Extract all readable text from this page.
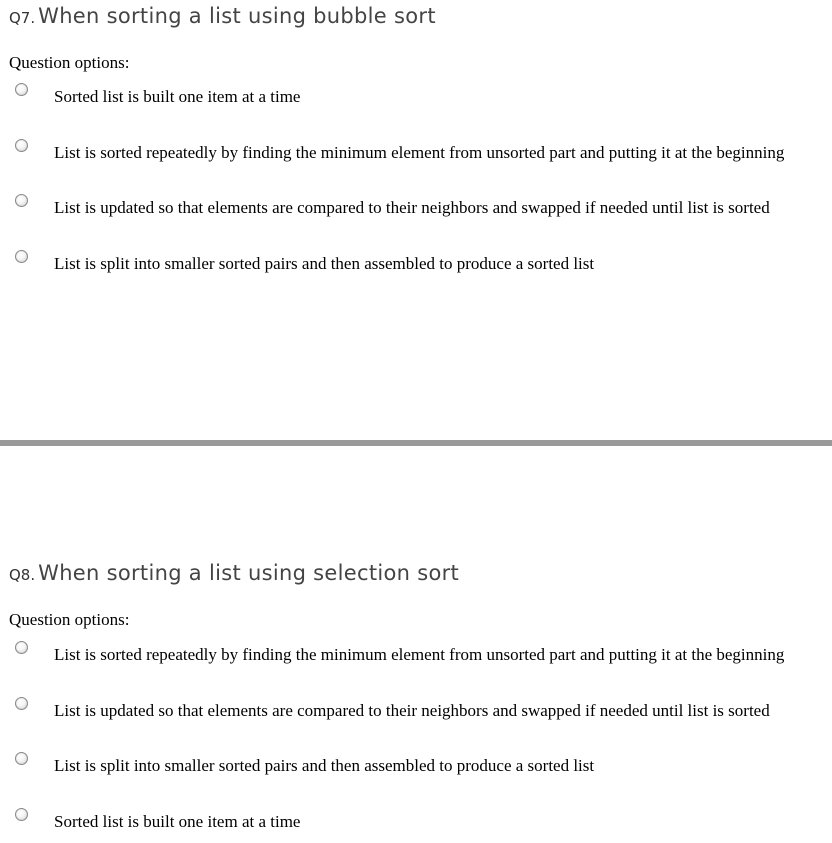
Q7. When sorting a list using bubble sort
Question options:
Sorted list is built one item at a time
List is sorted repeatedly by finding the minimum element from unsorted part and putting it at the beginning
List is updated so that elements are compared to their neighbors and swapped if needed until list is sorted
List is split into smaller sorted pairs and then assembled to produce a sorted list
Q8. When sorting a list using selection sort
Question options:
List is sorted repeatedly by finding the minimum element from unsorted part and putting it at the beginning
List is updated so that elements are compared to their neighbors and swapped if needed until list is sorted
List is split into smaller sorted pairs and then assembled to produce a sorted list
Sorted list is built one item at a time
